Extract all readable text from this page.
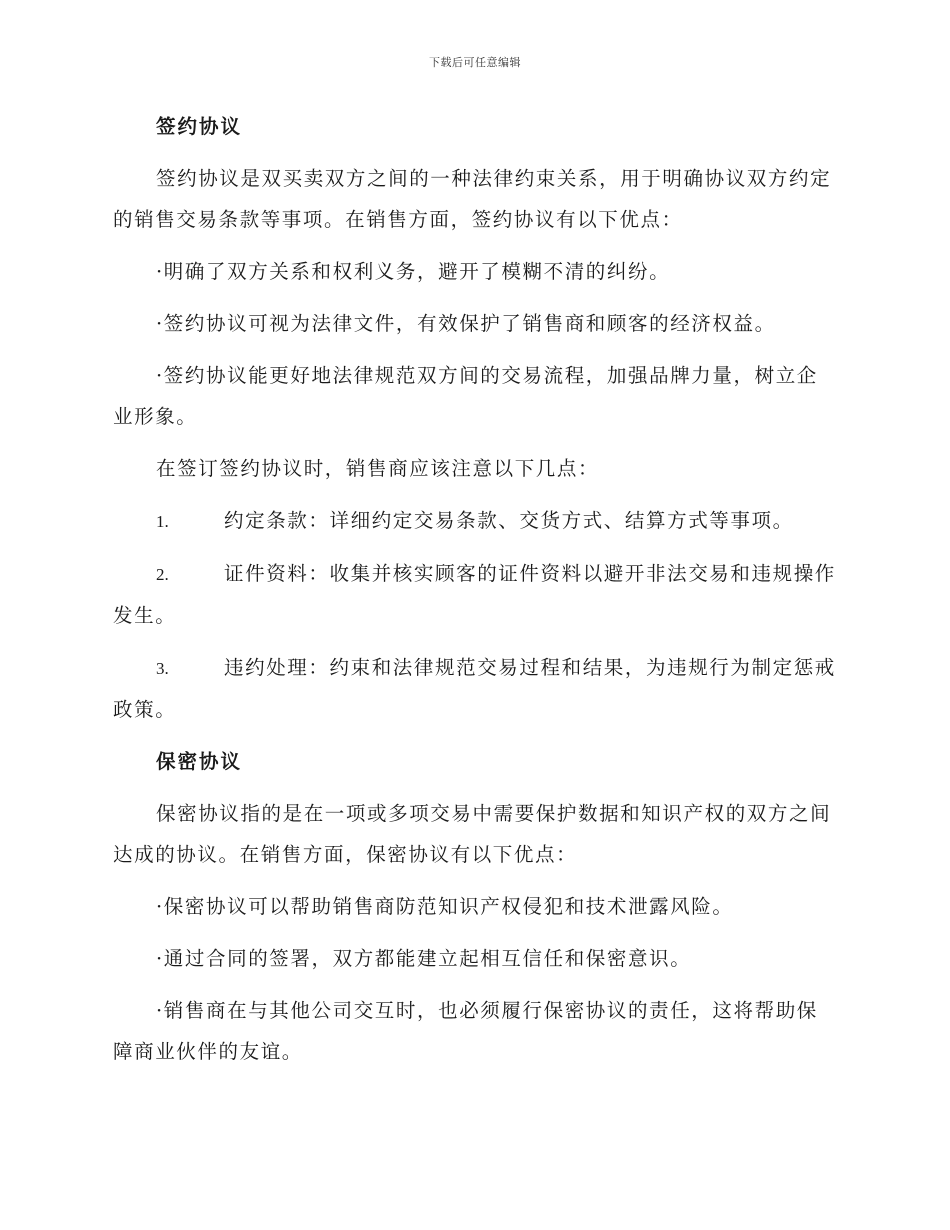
下载后可任意编辑
签约协议
签约协议是双买卖双方之间的一种法律约束关系，用于明确协议双方约定的销售交易条款等事项。在销售方面，签约协议有以下优点：
·明确了双方关系和权利义务，避开了模糊不清的纠纷。
·签约协议可视为法律文件，有效保护了销售商和顾客的经济权益。
·签约协议能更好地法律规范双方间的交易流程，加强品牌力量，树立企业形象。
在签订签约协议时，销售商应该注意以下几点：
1.	约定条款：详细约定交易条款、交货方式、结算方式等事项。
2.	证件资料：收集并核实顾客的证件资料以避开非法交易和违规操作发生。
3.	违约处理：约束和法律规范交易过程和结果，为违规行为制定惩戒政策。
保密协议
保密协议指的是在一项或多项交易中需要保护数据和知识产权的双方之间达成的协议。在销售方面，保密协议有以下优点：
·保密协议可以帮助销售商防范知识产权侵犯和技术泄露风险。
·通过合同的签署，双方都能建立起相互信任和保密意识。
·销售商在与其他公司交互时，也必须履行保密协议的责任，这将帮助保障商业伙伴的友谊。
